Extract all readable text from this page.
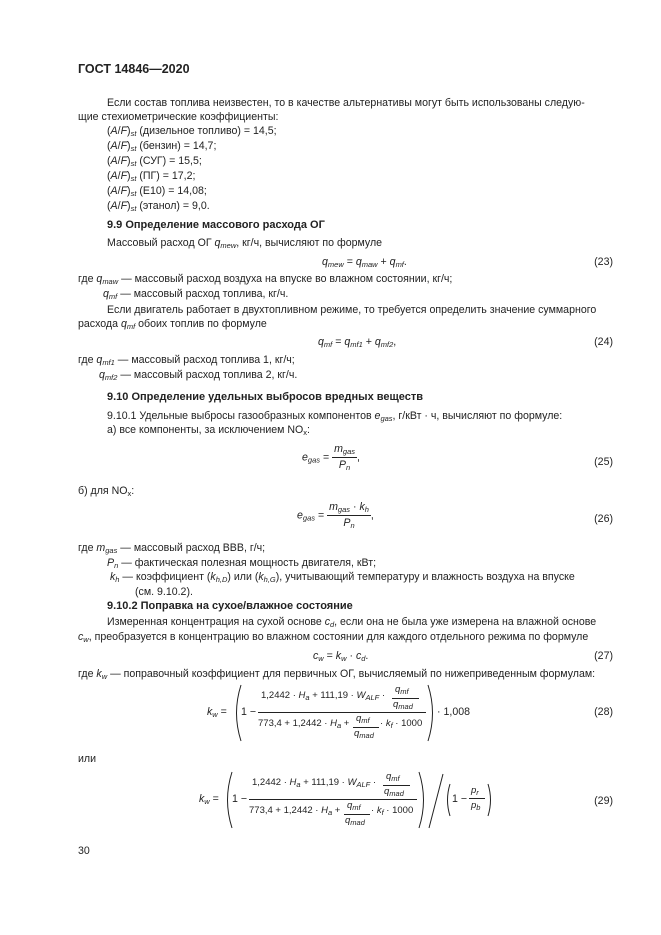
ГОСТ 14846—2020
Если состав топлива неизвестен, то в качестве альтернативы могут быть использованы следую-
щие стехиометрические коэффициенты:
$(A/F)_{st}$ (дизельное топливо) = 14,5;
$(A/F)_{st}$ (бензин) = 14,7;
$(A/F)_{st}$ (СУГ) = 15,5;
$(A/F)_{st}$ (ПГ) = 17,2;
$(A/F)_{st}$ (Е10) = 14,08;
$(A/F)_{st}$ (этанол) = 9,0.
9.9 Определение массового расхода ОГ
Массовый расход ОГ $q_{mew}$, кг/ч, вычисляют по формуле
$q_{mew} = q_{maw} + q_{mf}$.	(23)
где $q_{maw}$ — массовый расход воздуха на впуске во влажном состоянии, кг/ч;
$q_{mf}$ — массовый расход топлива, кг/ч.
Если двигатель работает в двухтопливном режиме, то требуется определить значение суммарного
расхода $q_{mf}$ обоих топлив по формуле
$q_{mf} = q_{mf1} + q_{mf2}$,	(24)
где $q_{mf1}$ — массовый расход топлива 1, кг/ч;
$q_{mf2}$ — массовый расход топлива 2, кг/ч.
9.10 Определение удельных выбросов вредных веществ
9.10.1 Удельные выбросы газообразных компонентов $e_{gas}$, г/кВт · ч, вычисляют по формуле:
а) все компоненты, за исключением $NO_x$:
$e_{gas} = \frac{m_{gas}}{P_n}$ ,	(25)
б) для $NO_x$:
$e_{gas} = \frac{m_{gas} \cdot k_h}{P_n}$ ,	(26)
где $m_{gas}$ — массовый расход ВВВ, г/ч;
$P_n$ — фактическая полезная мощность двигателя, кВт;
$k_h$ — коэффициент $(k_{h,D})$ или $(k_{h,G})$, учитывающий температуру и влажность воздуха на впуске
(см. 9.10.2).
9.10.2 Поправка на сухое/влажное состояние
Измеренная концентрация на сухой основе $c_d$, если она не была уже измерена на влажной основе
$c_w$, преобразуется в концентрацию во влажном состоянии для каждого отдельного режима по формуле
$c_w = k_w \cdot c_d$.	(27)
где $k_w$ — поправочный коэффициент для первичных ОГ, вычисляемый по нижеприведенным формулам:
$k_w = 1$ −
$1,2442 \cdot H_a + 111,19 \cdot W_{ALF}$ ·
$q_{mf}$
$q_{mad}$
$773,4 + 1,2442 \cdot H_a + q_{mf}$
$q_{mad}$
· $k_f \cdot 1000$
· 1,008	(28)
или
$k_w = 1$ −
$1,2442 \cdot H_a + 111,19 \cdot W_{ALF}$ ·
$q_{mf}$
$q_{mad}$
$773,4 + 1,2442 \cdot H_a + q_{mf}$
$q_{mad}$
· $k_f \cdot 1000$
1 −
$p_r$
$p_b$
(29)
30
